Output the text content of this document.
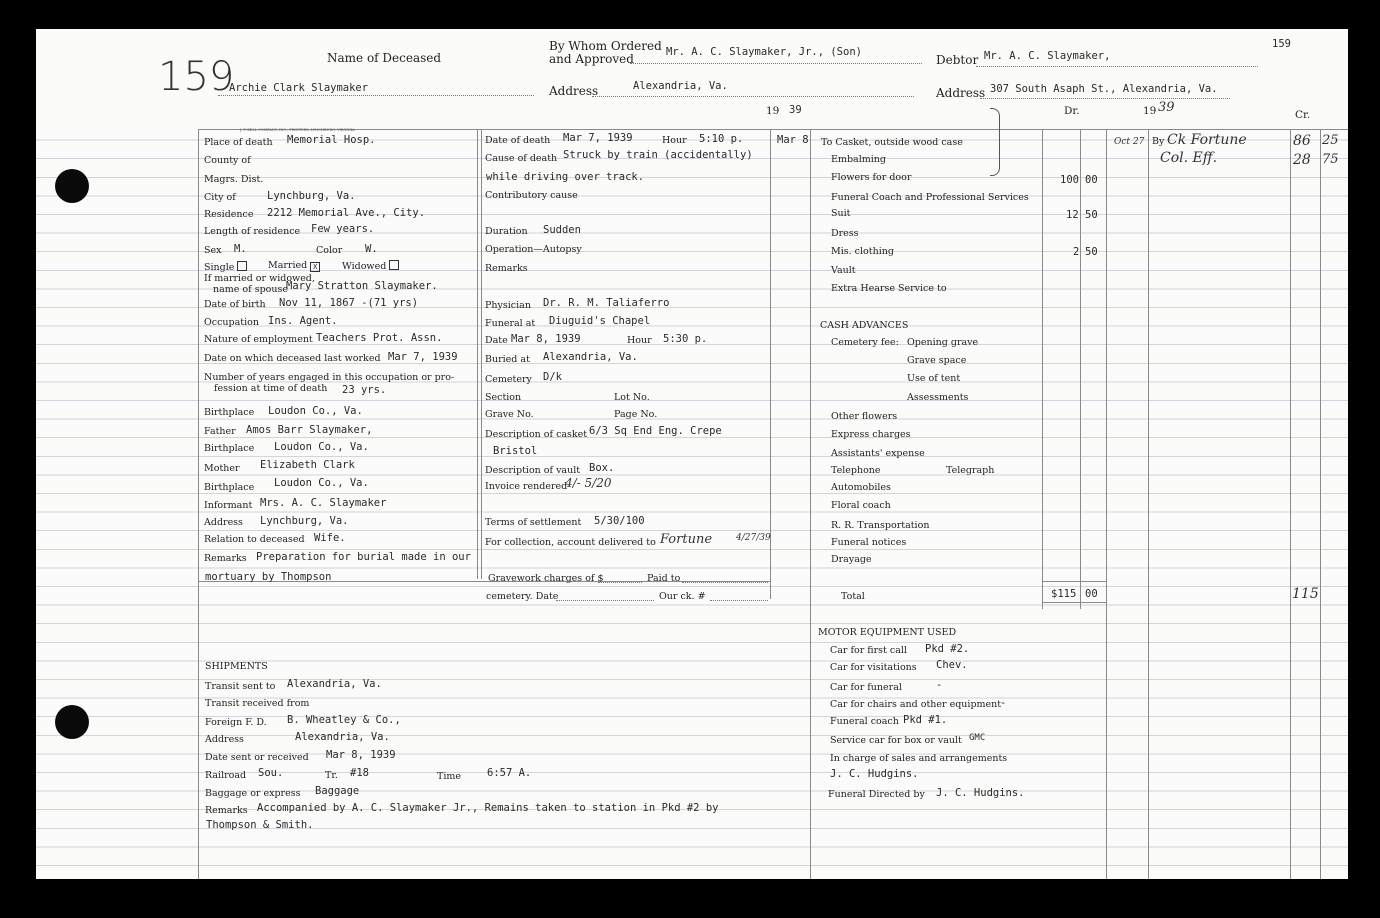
159
159
Name of Deceased
Archie Clark Slaymaker
By Whom Ordered
and Approved	Mr. A. C. Slaymaker, Jr., (Son)
Address	Alexandria, Va.
Debtor Mr. A. C. Slaymaker,
Address 307 South Asaph St., Alexandria, Va.
19 39	19 39
Dr.	Cr.
J. P. BELL COMPANY, INC., PRINTERS, LYNCHBURG, VIRGINIA
Place of death Memorial Hosp.
County of
Magrs. Dist.
City of	Lynchburg, Va.
Residence 2212 Memorial Ave., City.
Length of residence Few years.
Sex M.	Color W.
Single	Married X	Widowed
If married or widowed,
name of spouse
Mary Stratton Slaymaker.
Date of birth Nov 11, 1867 -(71 yrs)
Occupation Ins. Agent.
Nature of employment Teachers Prot. Assn.
Date on which deceased last worked Mar 7, 1939
Number of years engaged in this occupation or pro-
fession at time of death 23 yrs.
Birthplace Loudon Co., Va.
Father Amos Barr Slaymaker,
Birthplace Loudon Co., Va.
Mother Elizabeth Clark
Birthplace Loudon Co., Va.
Informant Mrs. A. C. Slaymaker
Address Lynchburg, Va.
Relation to deceased Wife.
Remarks Preparation for burial made in our
mortuary by Thompson
Date of death Mar 7, 1939	Hour 5:10 p.
Cause of death Struck by train (accidentally)
while driving over track.
Contributory cause
Duration Sudden
Operation—Autopsy
Remarks
Physician Dr. R. M. Taliaferro
Funeral at Diuguid's Chapel
Date Mar 8, 1939	Hour 5:30 p.
Buried at Alexandria, Va.
Cemetery D/k
Section	Lot No.
Grave No.	Page No.
Description of casket 6/3 Sq End Eng. Crepe
Bristol
Description of vault Box.
Invoice rendered
4/- 5/20
Terms of settlement 5/30/100
For collection, account delivered to Fortune	4/27/39
Gravework charges of $	Paid to
cemetery. Date	Our ck. #
Mar 8 To Casket, outside wood case
Embalming
Flowers for door	100 00
Funeral Coach and Professional Services
Suit	12 50
Dress
Mis. clothing	2 50
Vault
Extra Hearse Service to
CASH ADVANCES
Cemetery fee: Opening grave
Grave space
Use of tent
Assessments
Other flowers
Express charges
Assistants' expense
Telephone	Telegraph
Automobiles
Floral coach
R. R. Transportation
Funeral notices
Drayage
Total	$115 00
Oct 27 By Ck Fortune	86 25
Col. Eff.	28 75
115
MOTOR EQUIPMENT USED
Car for first call Pkd #2.
Car for visitations Chev.
Car for funeral	-
Car for chairs and other equipment
-
Funeral coach Pkd #1.
Service car for box or vault GMC
In charge of sales and arrangements
J. C. Hudgins.
Funeral Directed by J. C. Hudgins.
SHIPMENTS
Transit sent to Alexandria, Va.
Transit received from
Foreign F. D. B. Wheatley & Co.,
Address	Alexandria, Va.
Date sent or received Mar 8, 1939
Railroad Sou.	Tr. #18	Time 6:57 A.
Baggage or express Baggage
Remarks Accompanied by A. C. Slaymaker Jr., Remains taken to station in Pkd #2 by
Thompson & Smith.
